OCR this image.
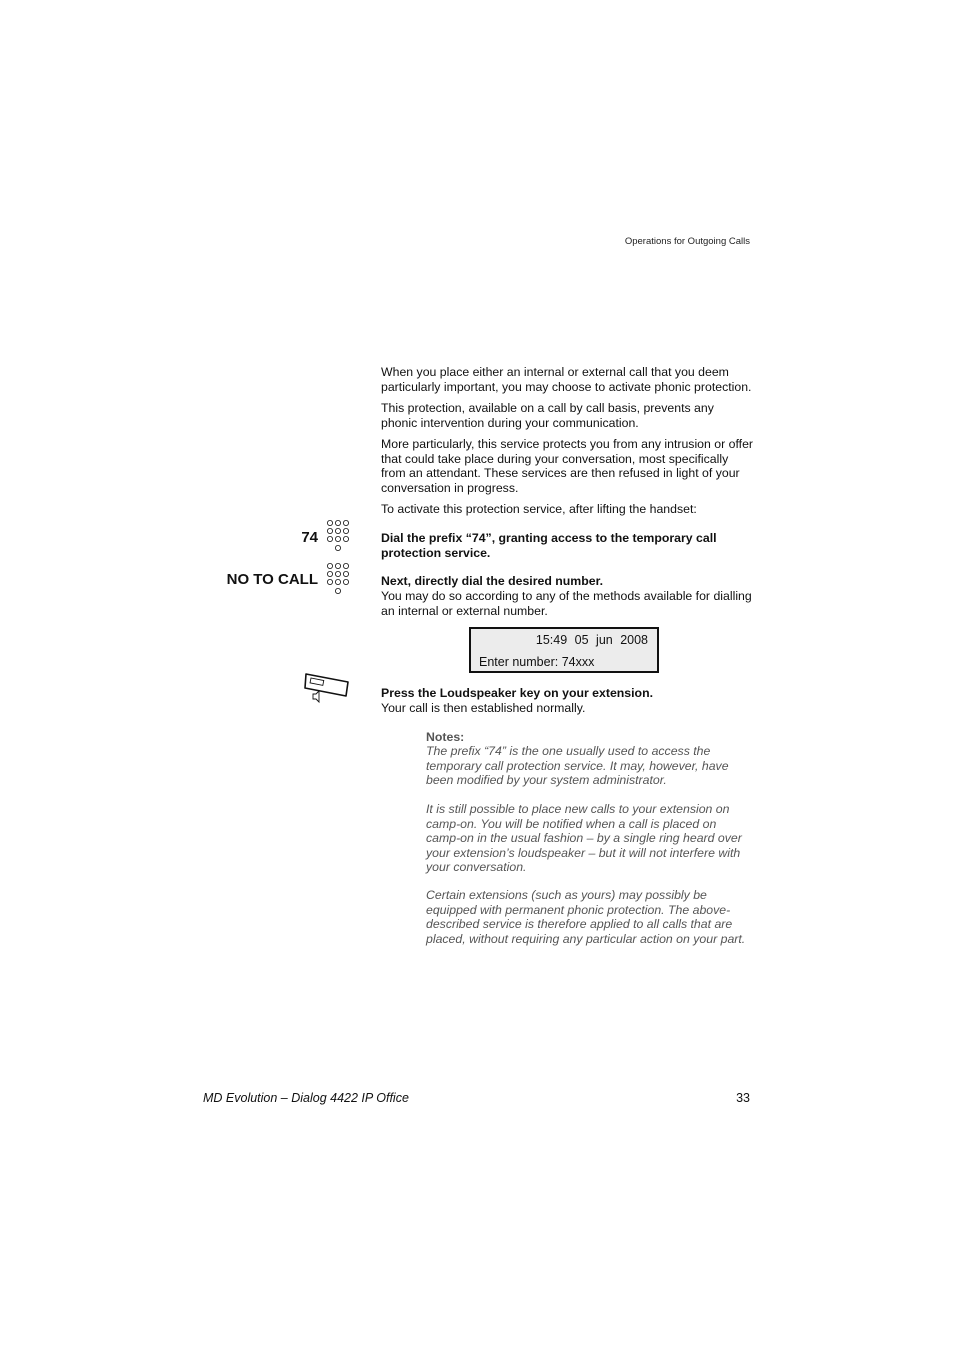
Operations for Outgoing Calls
When you place either an internal or external call that you deem particularly important, you may choose to activate phonic protection.
This protection, available on a call by call basis, prevents any phonic intervention during your communication.
More particularly, this service protects you from any intrusion or offer that could take place during your conversation, most specifically from an attendant. These services are then refused in light of your conversation in progress.
To activate this protection service, after lifting the handset:
74	Dial the prefix “74”, granting access to the temporary call protection service.
NO TO CALL	Next, directly dial the desired number.
You may do so according to any of the methods available for dialling an internal or external number.
15:49 05 jun 2008
Enter number: 74xxx
Press the Loudspeaker key on your extension.
Your call is then established normally.
Notes:
The prefix “74” is the one usually used to access the temporary call protection service. It may, however, have been modified by your system administrator.
It is still possible to place new calls to your extension on camp-on. You will be notified when a call is placed on camp-on in the usual fashion – by a single ring heard over your extension’s loudspeaker – but it will not interfere with your conversation.
Certain extensions (such as yours) may possibly be equipped with permanent phonic protection. The above-described service is therefore applied to all calls that are placed, without requiring any particular action on your part.
MD Evolution – Dialog 4422 IP Office	33
